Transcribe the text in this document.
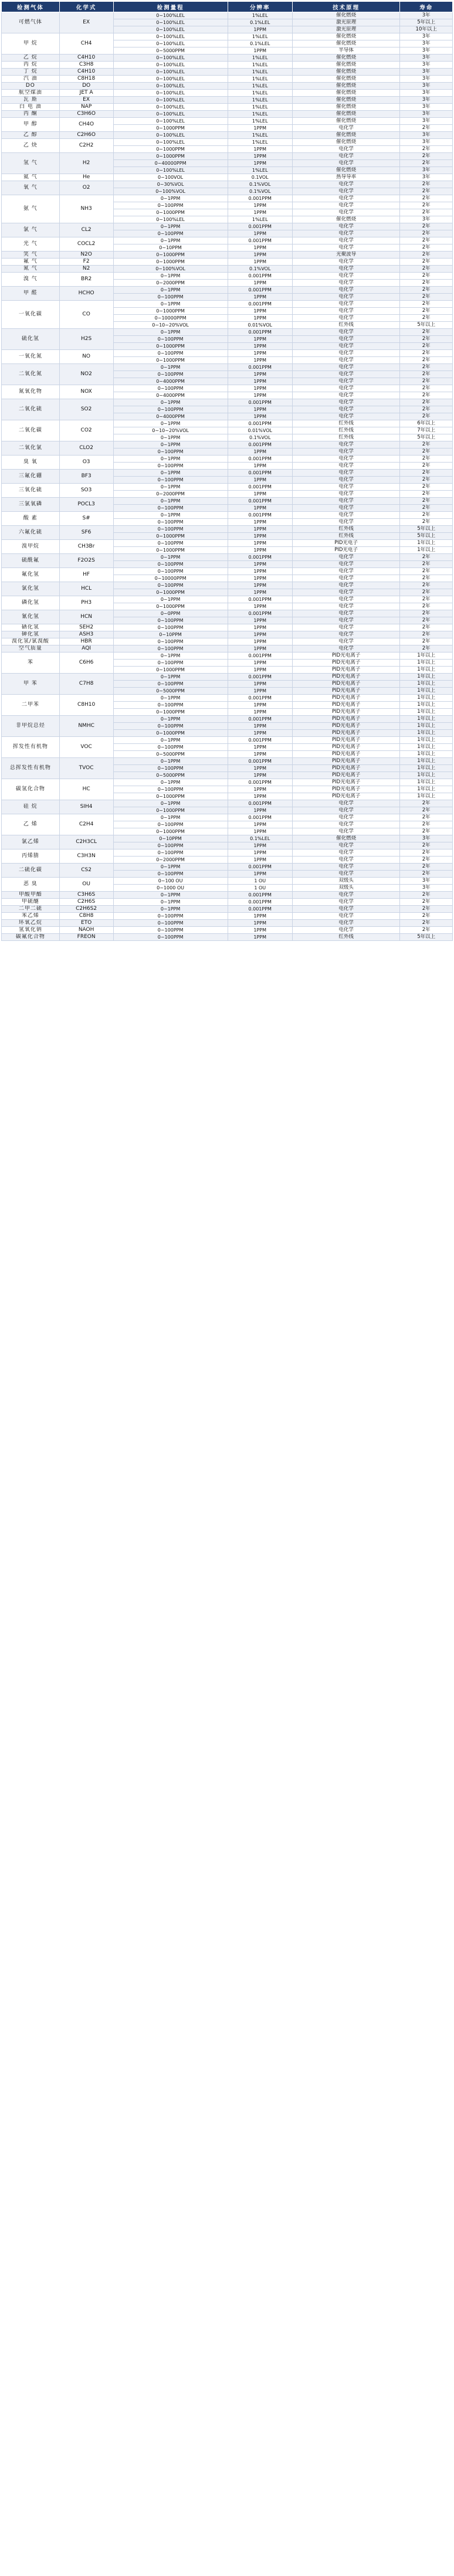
检测气体	化学式	检测量程	分辨率	技术原理	寿命
可燃气体	EX	0~100%LEL	1%LEL	催化燃烧	3年
		0~100%LEL	0.1%LEL	激光原理	5年以上
		0~100%LEL	1PPM	激光原理	10年以上
甲 烷	CH4	0~100%LEL	1%LEL	催化燃烧	3年
		0~100%LEL	0.1%LEL	催化燃烧	3年
		0~5000PPM	1PPM	半导体	3年
乙 烷	C4H10	0~100%LEL	1%LEL	催化燃烧	3年
丙 烷	C3H8	0~100%LEL	1%LEL	催化燃烧	3年
丁 烷	C4H10	0~100%LEL	1%LEL	催化燃烧	3年
汽 油	C8H18	0~100%LEL	1%LEL	催化燃烧	3年
DO	DO	0~100%LEL	1%LEL	催化燃烧	3年
航空煤油	JET A	0~100%LEL	1%LEL	催化燃烧	3年
瓦 斯	EX	0~100%LEL	1%LEL	催化燃烧	3年
白 电 油	NAP	0~100%LEL	1%LEL	催化燃烧	3年
丙 酮	C3H6O	0~100%LEL	1%LEL	催化燃烧	3年
甲 醇	CH4O	0~100%LEL	1%LEL	催化燃烧	3年
		0~1000PPM	1PPM	电化学	2年
乙 醇	C2H6O	0~100%LEL	1%LEL	催化燃烧	3年
乙 炔	C2H2	0~100%LEL	1%LEL	催化燃烧	3年
		0~1000PPM	1PPM	电化学	2年
氢 气	H2	0~1000PPM	1PPM	电化学	2年
		0~40000PPM	1PPM	电化学	2年
		0~100%LEL	1%LEL	催化燃烧	3年
氦 气	He	0~100VOL	0.1VOL	热导导率	3年
氧 气	O2	0~30%VOL	0.1%VOL	电化学	2年
		0~100%VOL	0.1%VOL	电化学	2年
氨 气	NH3	0~1PPM	0.001PPM	电化学	2年
		0~100PPM	1PPM	电化学	2年
		0~1000PPM	1PPM	电化学	2年
		0~100%LEL	1%LEL	催化燃烧	3年
氯 气	CL2	0~1PPM	0.001PPM	电化学	2年
		0~100PPM	1PPM	电化学	2年
光 气	COCL2	0~1PPM	0.001PPM	电化学	2年
		0~10PPM	1PPM	电化学	2年
笑 气	N2O	0~1000PPM	1PPM	光聚波导	2年
氟 气	F2	0~1000PPM	1PPM	电化学	2年
氮 气	N2	0~100%VOL	0.1%VOL	电化学	2年
溴 气	BR2	0~1PPM	0.001PPM	电化学	2年
		0~2000PPM	1PPM	电化学	2年
甲 醛	HCHO	0~1PPM	0.001PPM	电化学	2年
		0~100PPM	1PPM	电化学	2年
一氧化碳	CO	0~1PPM	0.001PPM	电化学	2年
		0~1000PPM	1PPM	电化学	2年
		0~10000PPM	1PPM	电化学	2年
		0~10~20%VOL	0.01%VOL	红外线	5年以上
硫化氢	H2S	0~1PPM	0.001PPM	电化学	2年
		0~100PPM	1PPM	电化学	2年
		0~1000PPM	1PPM	电化学	2年
一氧化氮	NO	0~100PPM	1PPM	电化学	2年
		0~1000PPM	1PPM	电化学	2年
二氧化氮	NO2	0~1PPM	0.001PPM	电化学	2年
		0~100PPM	1PPM	电化学	2年
		0~4000PPM	1PPM	电化学	2年
氮氧化物	NOX	0~100PPM	1PPM	电化学	2年
		0~4000PPM	1PPM	电化学	2年
二氧化硫	SO2	0~1PPM	0.001PPM	电化学	2年
		0~100PPM	1PPM	电化学	2年
		0~4000PPM	1PPM	电化学	2年
二氧化碳	CO2	0~1PPM	0.001PPM	红外线	6年以上
		0~10~20%VOL	0.01%VOL	红外线	7年以上
		0~1PPM	0.1%VOL	红外线	5年以上
二氧化氯	CLO2	0~1PPM	0.001PPM	电化学	2年
		0~100PPM	1PPM	电化学	2年
臭 氧	O3	0~1PPM	0.001PPM	电化学	2年
		0~100PPM	1PPM	电化学	2年
三氟化硼	BF3	0~1PPM	0.001PPM	电化学	2年
		0~100PPM	1PPM	电化学	2年
三氧化硫	SO3	0~1PPM	0.001PPM	电化学	2年
		0~2000PPM	1PPM	电化学	2年
三氯氧磷	POCL3	0~1PPM	0.001PPM	电化学	2年
		0~100PPM	1PPM	电化学	2年
酸 素	S#	0~1PPM	0.001PPM	电化学	2年
		0~100PPM	1PPM	电化学	2年
六氟化硫	SF6	0~100PPM	1PPM	红外线	5年以上
		0~1000PPM	1PPM	红外线	5年以上
溴甲烷	CH3Br	0~100PPM	1PPM	PID光电子	1年以上
		0~1000PPM	1PPM	PID光电子	1年以上
硫酰氟	F2O2S	0~1PPM	0.001PPM	电化学	2年
		0~100PPM	1PPM	电化学	2年
氟化氢	HF	0~100PPM	1PPM	电化学	2年
		0~10000PPM	1PPM	电化学	2年
氯化氢	HCL	0~100PPM	1PPM	电化学	2年
		0~1000PPM	1PPM	电化学	2年
磷化氢	PH3	0~1PPM	0.001PPM	电化学	2年
		0~1000PPM	1PPM	电化学	2年
氰化氢	HCN	0~0PPM	0.001PPM	电化学	2年
		0~100PPM	1PPM	电化学	2年
硒化氢	SEH2	0~100PPM	1PPM	电化学	2年
砷化氢	ASH3	0~10PPM	1PPM	电化学	2年
溴化氢/氯溴酸	HBR	0~100PPM	1PPM	电化学	2年
空气质量	AQI	0~100PPM	1PPM	电化学	2年
苯	C6H6	0~1PPM	0.001PPM	PID光电离子	1年以上
		0~100PPM	1PPM	PID光电离子	1年以上
		0~1000PPM	1PPM	PID光电离子	1年以上
甲 苯	C7H8	0~1PPM	0.001PPM	PID光电离子	1年以上
		0~100PPM	1PPM	PID光电离子	1年以上
		0~5000PPM	1PPM	PID光电离子	1年以上
二甲苯	C8H10	0~1PPM	0.001PPM	PID光电离子	1年以上
		0~100PPM	1PPM	PID光电离子	1年以上
		0~1000PPM	1PPM	PID光电离子	1年以上
非甲烷总烃	NMHC	0~1PPM	0.001PPM	PID光电离子	1年以上
		0~100PPM	1PPM	PID光电离子	1年以上
		0~1000PPM	1PPM	PID光电离子	1年以上
挥发性有机物	VOC	0~1PPM	0.001PPM	PID光电离子	1年以上
		0~100PPM	1PPM	PID光电离子	1年以上
		0~5000PPM	1PPM	PID光电离子	1年以上
总挥发性有机物	TVOC	0~1PPM	0.001PPM	PID光电离子	1年以上
		0~100PPM	1PPM	PID光电离子	1年以上
		0~5000PPM	1PPM	PID光电离子	1年以上
碳氢化合物	HC	0~1PPM	0.001PPM	PID光电离子	1年以上
		0~100PPM	1PPM	PID光电离子	1年以上
		0~1000PPM	1PPM	PID光电离子	1年以上
硅 烷	SIH4	0~1PPM	0.001PPM	电化学	2年
		0~1000PPM	1PPM	电化学	2年
乙 烯	C2H4	0~1PPM	0.001PPM	电化学	2年
		0~100PPM	1PPM	电化学	2年
		0~1000PPM	1PPM	电化学	2年
氯乙烯	C2H3CL	0~10PPM	0.1%LEL	催化燃烧	3年
		0~100PPM	1PPM	电化学	2年
丙烯腈	C3H3N	0~100PPM	1PPM	电化学	2年
		0~2000PPM	1PPM	电化学	2年
二硫化碳	CS2	0~1PPM	0.001PPM	电化学	2年
		0~100PPM	1PPM	电化学	2年
恶 臭	OU	0~100 OU	1 OU	双级头	3年
		0~1000 OU	1 OU	双级头	3年
甲酸甲酯	C3H6S	0~1PPM	0.001PPM	电化学	2年
甲硫醚	C2H6S	0~1PPM	0.001PPM	电化学	2年
二甲二硫	C2H6S2	0~1PPM	0.001PPM	电化学	2年
苯乙烯	C8H8	0~100PPM	1PPM	电化学	2年
环氧乙烷	ETO	0~100PPM	1PPM	电化学	2年
氢氧化钠	NAOH	0~100PPM	1PPM	电化学	2年
碳氟化合物	FREON	0~100PPM	1PPM	红外线	5年以上
